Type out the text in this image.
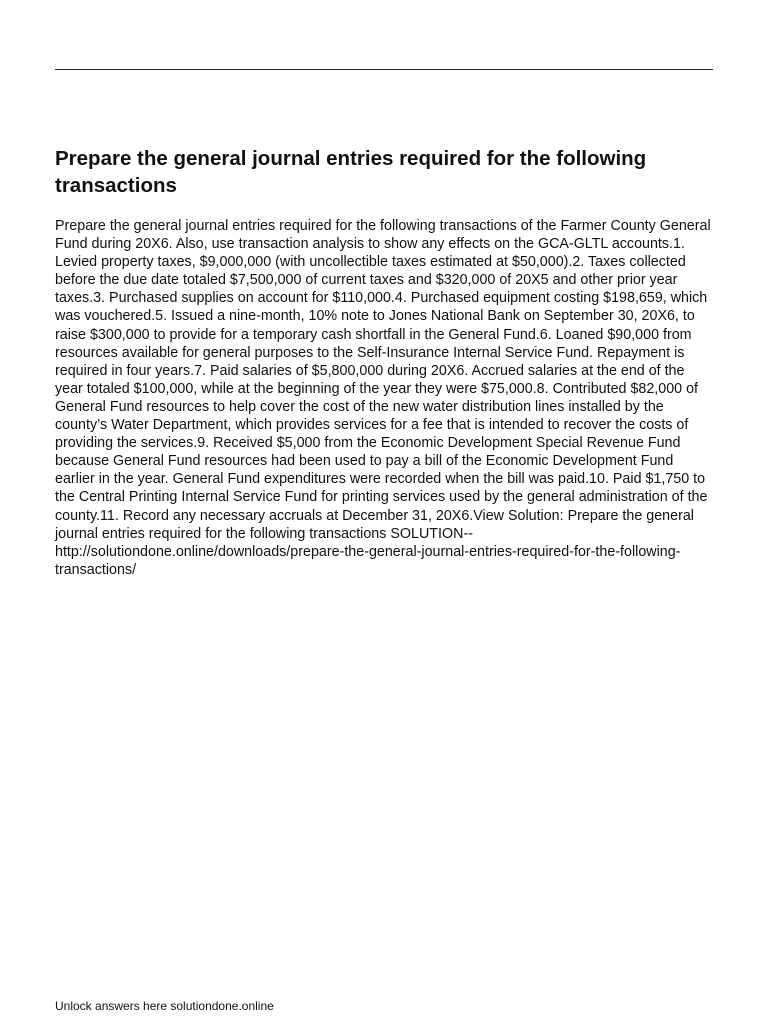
Prepare the general journal entries required for the following transactions

Prepare the general journal entries required for the following transactions of the Farmer County General Fund during 20X6. Also, use transaction analysis to show any effects on the GCA-GLTL accounts.1. Levied property taxes, $9,000,000 (with uncollectible taxes estimated at $50,000).2. Taxes collected before the due date totaled $7,500,000 of current taxes and $320,000 of 20X5 and other prior year taxes.3. Purchased supplies on account for $110,000.4. Purchased equipment costing $198,659, which was vouchered.5. Issued a nine-month, 10% note to Jones National Bank on September 30, 20X6, to raise $300,000 to provide for a temporary cash shortfall in the General Fund.6. Loaned $90,000 from resources available for general purposes to the Self-Insurance Internal Service Fund. Repayment is required in four years.7. Paid salaries of $5,800,000 during 20X6. Accrued salaries at the end of the year totaled $100,000, while at the beginning of the year they were $75,000.8. Contributed $82,000 of General Fund resources to help cover the cost of the new water distribution lines installed by the county’s Water Department, which provides services for a fee that is intended to recover the costs of providing the services.9. Received $5,000 from the Economic Development Special Revenue Fund because General Fund resources had been used to pay a bill of the Economic Development Fund earlier in the year. General Fund expenditures were recorded when the bill was paid.10. Paid $1,750 to the Central Printing Internal Service Fund for printing services used by the general administration of the county.11. Record any necessary accruals at December 31, 20X6.View Solution: Prepare the general journal entries required for the following transactions SOLUTION-- http://solutiondone.online/downloads/prepare-the-general-journal-entries-required-for-the-following-transactions/

Unlock answers here solutiondone.online
